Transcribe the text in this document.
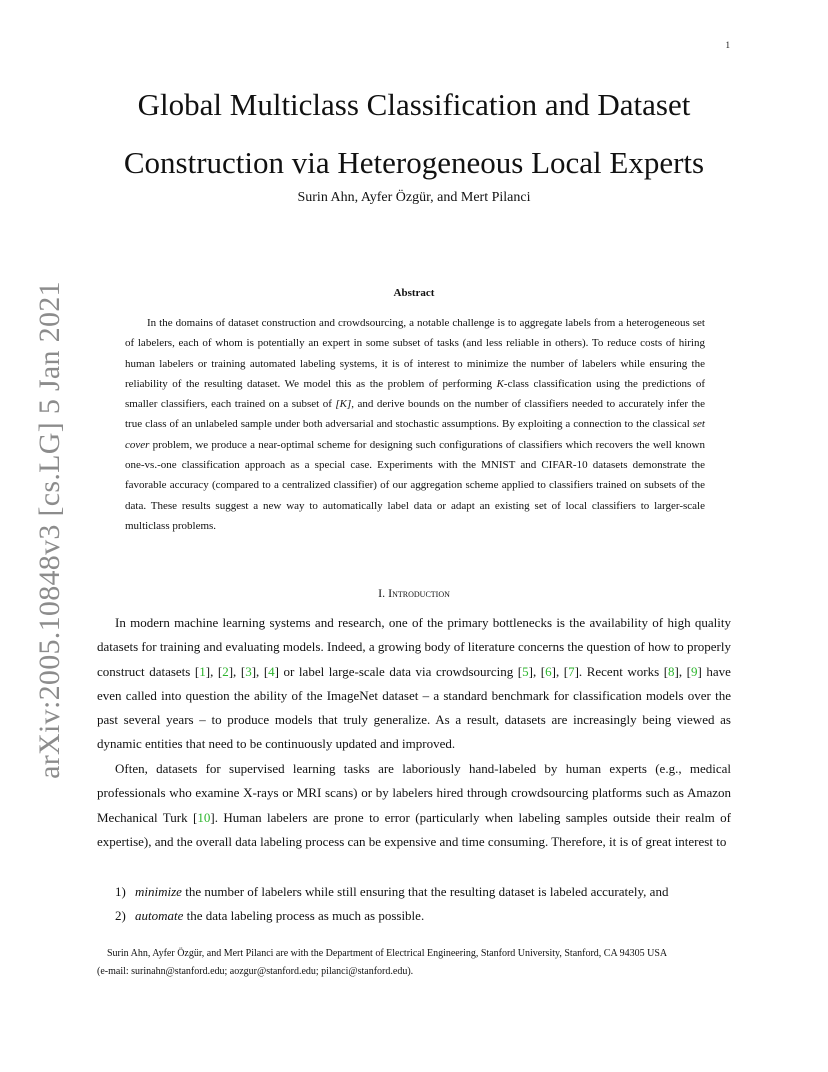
1
arXiv:2005.10848v3 [cs.LG] 5 Jan 2021
Global Multiclass Classification and Dataset
Construction via Heterogeneous Local Experts
Surin Ahn, Ayfer Özgür, and Mert Pilanci
Abstract

In the domains of dataset construction and crowdsourcing, a notable challenge is to aggregate labels from a heterogeneous set of labelers, each of whom is potentially an expert in some subset of tasks (and less reliable in others). To reduce costs of hiring human labelers or training automated labeling systems, it is of interest to minimize the number of labelers while ensuring the reliability of the resulting dataset. We model this as the problem of performing K-class classification using the predictions of smaller classifiers, each trained on a subset of [K], and derive bounds on the number of classifiers needed to accurately infer the true class of an unlabeled sample under both adversarial and stochastic assumptions. By exploiting a connection to the classical set cover problem, we produce a near-optimal scheme for designing such configurations of classifiers which recovers the well known one-vs.-one classification approach as a special case. Experiments with the MNIST and CIFAR-10 datasets demonstrate the favorable accuracy (compared to a centralized classifier) of our aggregation scheme applied to classifiers trained on subsets of the data. These results suggest a new way to automatically label data or adapt an existing set of local classifiers to larger-scale multiclass problems.

I. Introduction

In modern machine learning systems and research, one of the primary bottlenecks is the availability of high quality datasets for training and evaluating models. Indeed, a growing body of literature concerns the question of how to properly construct datasets [1], [2], [3], [4] or label large-scale data via crowdsourcing [5], [6], [7]. Recent works [8], [9] have even called into question the ability of the ImageNet dataset – a standard benchmark for classification models over the past several years – to produce models that truly generalize. As a result, datasets are increasingly being viewed as dynamic entities that need to be continuously updated and improved.

Often, datasets for supervised learning tasks are laboriously hand-labeled by human experts (e.g., medical professionals who examine X-rays or MRI scans) or by labelers hired through crowdsourcing platforms such as Amazon Mechanical Turk [10]. Human labelers are prone to error (particularly when labeling samples outside their realm of expertise), and the overall data labeling process can be expensive and time consuming. Therefore, it is of great interest to

1) minimize the number of labelers while still ensuring that the resulting dataset is labeled accurately, and
2) automate the data labeling process as much as possible.

Surin Ahn, Ayfer Özgür, and Mert Pilanci are with the Department of Electrical Engineering, Stanford University, Stanford, CA 94305 USA
(e-mail: surinahn@stanford.edu; aozgur@stanford.edu; pilanci@stanford.edu).
